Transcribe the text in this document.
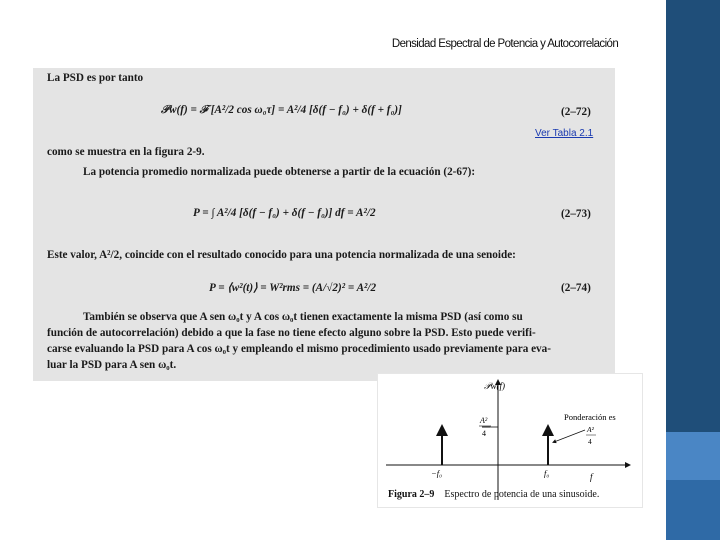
Densidad Espectral de Potencia y Autocorrelación
La PSD es por tanto
𝒫w(f) = ℱ [A²/2 cos ω₀τ] = A²/4 [δ(f − f₀) + δ(f + f₀)]	(2–72)
como se muestra en la figura 2-9.
La potencia promedio normalizada puede obtenerse a partir de la ecuación (2-67):
P = ∫ A²/4 [δ(f − f₀) + δ(f − f₀)] df = A²/2	(2–73)
Este valor, A²/2, coincide con el resultado conocido para una potencia normalizada de una senoide:
P = ⟨w²(t)⟩ = W²rms = (A/√2)² = A²/2	(2–74)
También se observa que A sen ω₀t y A cos ω₀t tienen exactamente la misma PSD (así como su
función de autocorrelación) debido a que la fase no tiene efecto alguno sobre la PSD. Esto puede verifi-
carse evaluando la PSD para A cos ω₀t y empleando el mismo procedimiento usado previamente para eva-
luar la PSD para A sen ω₀t.
Ver Tabla 2.1
A²
4
Ponderación es
A²
4
𝒫w(f)
−f₀	f₀	f
Figura 2–9 Espectro de potencia de una sinusoide.
